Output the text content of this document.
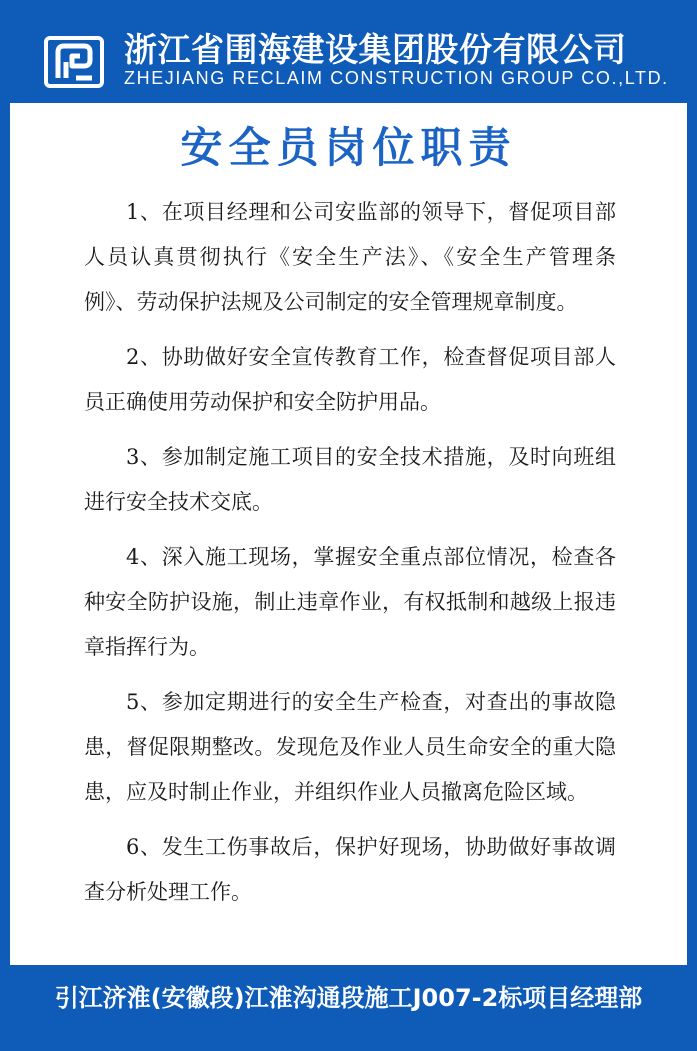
浙江省围海建设集团股份有限公司
ZHEJIANG RECLAIM CONSTRUCTION GROUP CO.,LTD.
安全员岗位职责

1、在项目经理和公司安监部的领导下，督促项目部人员认真贯彻执行《安全生产法》、《安全生产管理条例》、劳动保护法规及公司制定的安全管理规章制度。

2、协助做好安全宣传教育工作，检查督促项目部人员正确使用劳动保护和安全防护用品。

3、参加制定施工项目的安全技术措施，及时向班组进行安全技术交底。

4、深入施工现场，掌握安全重点部位情况，检查各种安全防护设施，制止违章作业，有权抵制和越级上报违章指挥行为。

5、参加定期进行的安全生产检查，对查出的事故隐患，督促限期整改。发现危及作业人员生命安全的重大隐患，应及时制止作业，并组织作业人员撤离危险区域。

6、发生工伤事故后，保护好现场，协助做好事故调查分析处理工作。

引江济淮(安徽段)江淮沟通段施工J007-2标项目经理部
